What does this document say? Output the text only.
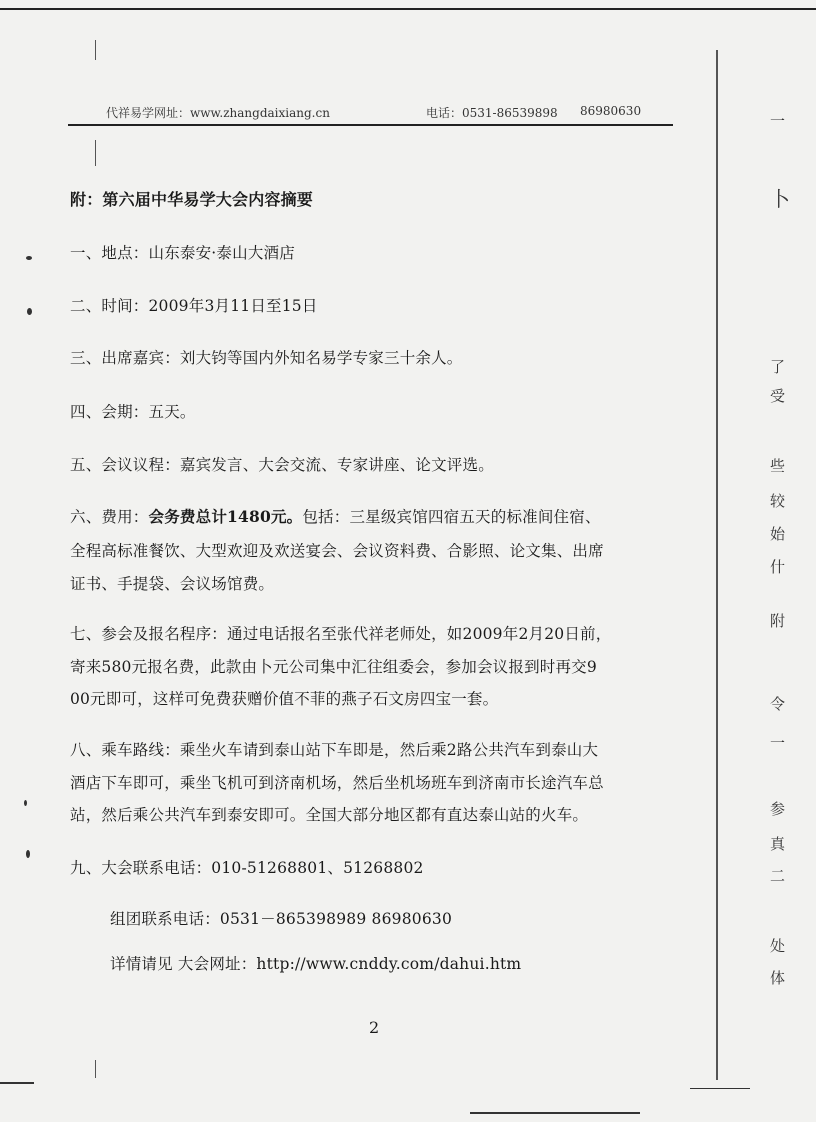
代祥易学网址：www.zhangdaixiang.cn	电话：0531-86539898 86980630
附：第六届中华易学大会内容摘要
一、地点：山东泰安·泰山大酒店
二、时间：2009年3月11日至15日
三、出席嘉宾：刘大钧等国内外知名易学专家三十余人。
四、会期：五天。
五、会议议程：嘉宾发言、大会交流、专家讲座、论文评选。
六、费用：会务费总计1480元。包括：三星级宾馆四宿五天的标准间住宿、
全程高标准餐饮、大型欢迎及欢送宴会、会议资料费、合影照、论文集、出席
证书、手提袋、会议场馆费。
七、参会及报名程序：通过电话报名至张代祥老师处，如2009年2月20日前，
寄来580元报名费，此款由卜元公司集中汇往组委会，参加会议报到时再交9
00元即可，这样可免费获赠价值不菲的燕子石文房四宝一套。
八、乘车路线：乘坐火车请到泰山站下车即是，然后乘2路公共汽车到泰山大
酒店下车即可，乘坐飞机可到济南机场，然后坐机场班车到济南市长途汽车总
站，然后乘公共汽车到泰安即可。全国大部分地区都有直达泰山站的火车。
九、大会联系电话：010-51268801、51268802
组团联系电话：0531－865398989 86980630
详情请见 大会网址：http://www.cnddy.com/dahui.htm
2
一
卜
了
受
些
较
始
什
附
令
一
参
真
二
处
体
